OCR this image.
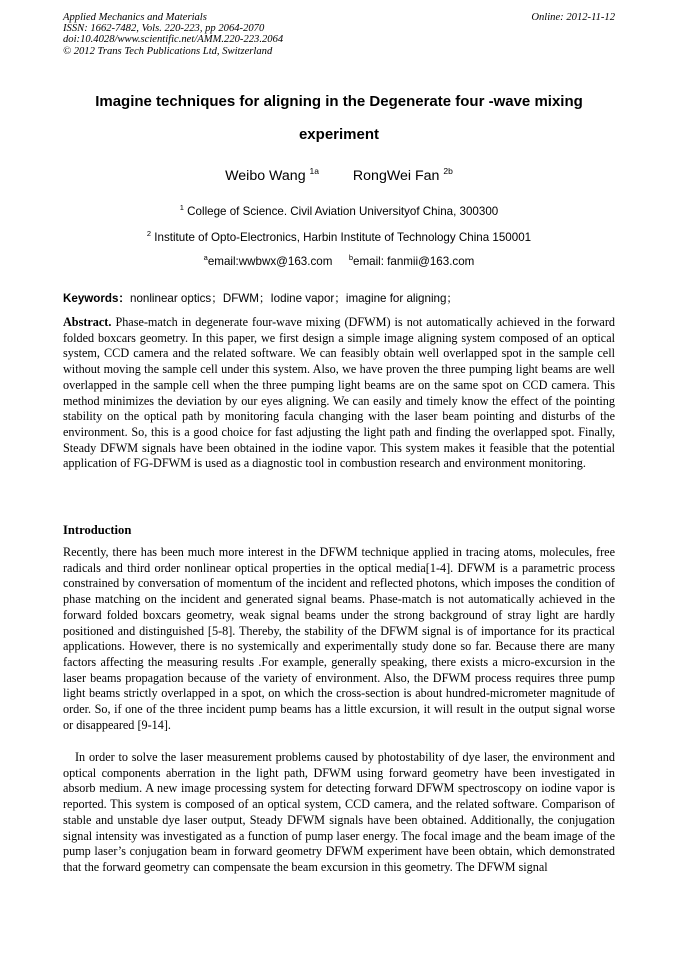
Applied Mechanics and Materials
ISSN: 1662-7482, Vols. 220-223, pp 2064-2070
doi:10.4028/www.scientific.net/AMM.220-223.2064
© 2012 Trans Tech Publications Ltd, Switzerland
Online: 2012-11-12
Imagine techniques for aligning in the Degenerate four -wave mixing
experiment
Weibo Wang $^{1a}$ RongWei Fan $^{2b}$
$^1$ College of Science. Civil Aviation Universityof China, 300300
$^2$ Institute of Opto-Electronics, Harbin Institute of Technology China 150001
$^a$email:wwbwx@163.com $^b$email: fanmii@163.com
Keywords：nonlinear optics；DFWM；Iodine vapor；imagine for aligning；
Abstract. Phase-match in degenerate four-wave mixing (DFWM) is not automatically achieved in the forward folded boxcars geometry. In this paper, we first design a simple image aligning system composed of an optical system, CCD camera and the related software. We can feasibly obtain well overlapped spot in the sample cell without moving the sample cell under this system. Also, we have proven the three pumping light beams are well overlapped in the sample cell when the three pumping light beams are on the same spot on CCD camera. This method minimizes the deviation by our eyes aligning. We can easily and timely know the effect of the pointing stability on the optical path by monitoring facula changing with the laser beam pointing and disturbs of the environment. So, this is a good choice for fast adjusting the light path and finding the overlapped spot. Finally, Steady DFWM signals have been obtained in the iodine vapor. This system makes it feasible that the potential application of FG-DFWM is used as a diagnostic tool in combustion research and environment monitoring.
Introduction
Recently, there has been much more interest in the DFWM technique applied in tracing atoms, molecules, free radicals and third order nonlinear optical properties in the optical media[1-4]. DFWM is a parametric process constrained by conversation of momentum of the incident and reflected photons, which imposes the condition of phase matching on the incident and generated signal beams. Phase-match is not automatically achieved in the forward folded boxcars geometry, weak signal beams under the strong background of stray light are hardly positioned and distinguished [5-8]. Thereby, the stability of the DFWM signal is of importance for its practical applications. However, there is no systemically and experimentally study done so far. Because there are many factors affecting the measuring results .For example, generally speaking, there exists a micro-excursion in the laser beams propagation because of the variety of environment. Also, the DFWM process requires three pump light beams strictly overlapped in a spot, on which the cross-section is about hundred-micrometer magnitude of order. So, if one of the three incident pump beams has a little excursion, it will result in the output signal worse or disappeared [9-14].
In order to solve the laser measurement problems caused by photostability of dye laser, the environment and optical components aberration in the light path, DFWM using forward geometry have been investigated in absorb medium. A new image processing system for detecting forward DFWM spectroscopy on iodine vapor is reported. This system is composed of an optical system, CCD camera, and the related software. Comparison of stable and unstable dye laser output, Steady DFWM signals have been obtained. Additionally, the conjugation signal intensity was investigated as a function of pump laser energy. The focal image and the beam image of the pump laser’s conjugation beam in forward geometry DFWM experiment have been obtain, which demonstrated that the forward geometry can compensate the beam excursion in this geometry. The DFWM signal
